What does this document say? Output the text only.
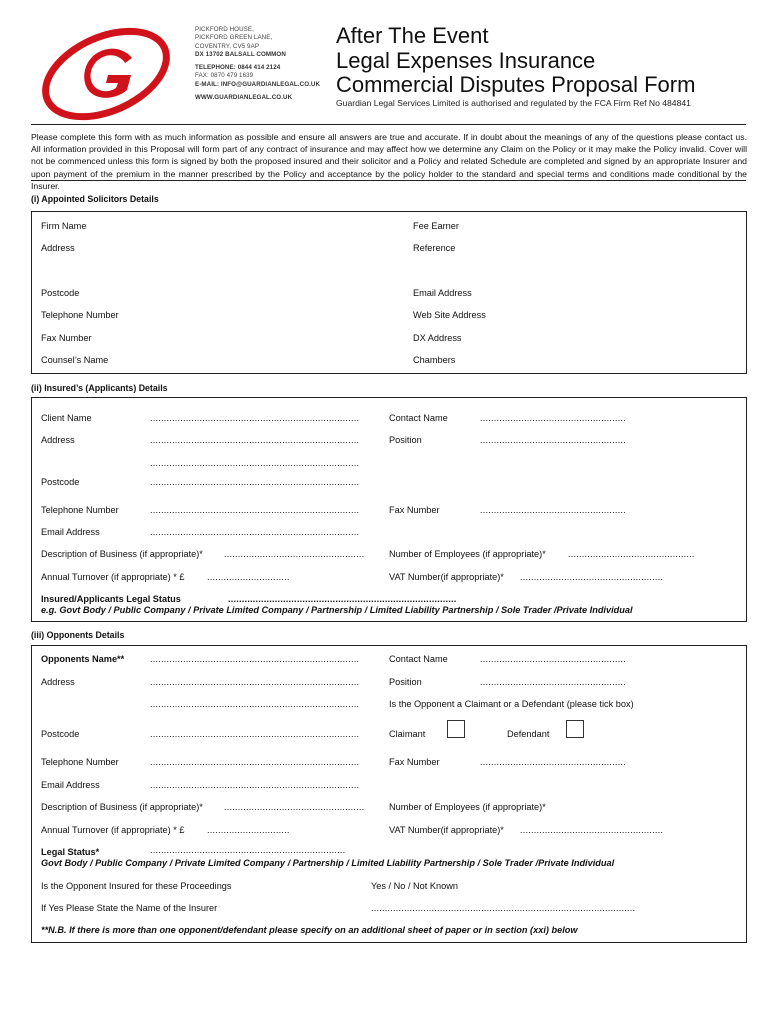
PICKFORD HOUSE,
PICKFORD GREEN LANE,
COVENTRY, CV5 9AP
DX 13702 BALSALL COMMON
TELEPHONE: 0844 414 2124
FAX: 0870 479 1639
E-MAIL: INFO@GUARDIANLEGAL.CO.UK
WWW.GUARDIANLEGAL.CO.UK
After The Event
Legal Expenses Insurance
Commercial Disputes Proposal Form
Guardian Legal Services Limited is authorised and regulated by the FCA Firm Ref No 484841
Please complete this form with as much information as possible and ensure all answers are true and accurate. If in doubt about the meanings of any of the questions please contact us. All information provided in this Proposal will form part of any contract of insurance and may affect how we determine any Claim on the Policy or it may make the Policy invalid. Cover will not be commenced unless this form is signed by both the proposed insured and their solicitor and a Policy and related Schedule are completed and signed by an appropriate Insurer and upon payment of the premium in the manner prescribed by the Policy and acceptance by the policy holder to the standard and special terms and conditions made conditional by the Insurer.
(i) Appointed Solicitors Details
Firm Name	Fee Earner
Address	Reference
Postcode	Email Address
Telephone Number	Web Site Address
Fax Number	DX Address
Counsel’s Name	Chambers
(ii) Insured’s (Applicants) Details
Client Name	............................................................................	Contact Name	.....................................................
Address	............................................................................	Position	.....................................................
............................................................................
Postcode	............................................................................
Telephone Number	............................................................................	Fax Number	.....................................................
Email Address	............................................................................
Description of Business (if appropriate)* ...................................................	Number of Employees (if appropriate)* ..............................................
Annual Turnover (if appropriate) * £ ..............................	VAT Number(if appropriate)* ....................................................
Insured/Applicants Legal Status	...................................................................................
e.g. Govt Body / Public Company / Private Limited Company / Partnership / Limited Liability Partnership / Sole Trader /Private Individual
(iii) Opponents Details
Opponents Name**	............................................................................	Contact Name	.....................................................
Address	............................................................................	Position	.....................................................
............................................................................	Is the Opponent a Claimant or a Defendant (please tick box)
Postcode	............................................................................	Claimant	Defendant
Telephone Number	............................................................................	Fax Number	.....................................................
Email Address	............................................................................
Description of Business (if appropriate)* ...................................................	Number of Employees (if appropriate)*
Annual Turnover (if appropriate) * £ ..............................	VAT Number(if appropriate)* ....................................................
Legal Status*	.......................................................................
Govt Body / Public Company / Private Limited Company / Partnership / Limited Liability Partnership / Sole Trader /Private Individual
Is the Opponent Insured for these Proceedings	Yes / No / Not Known
If Yes Please State the Name of the Insurer	................................................................................................
**N.B. If there is more than one opponent/defendant please specify on an additional sheet of paper or in section (xxi) below
